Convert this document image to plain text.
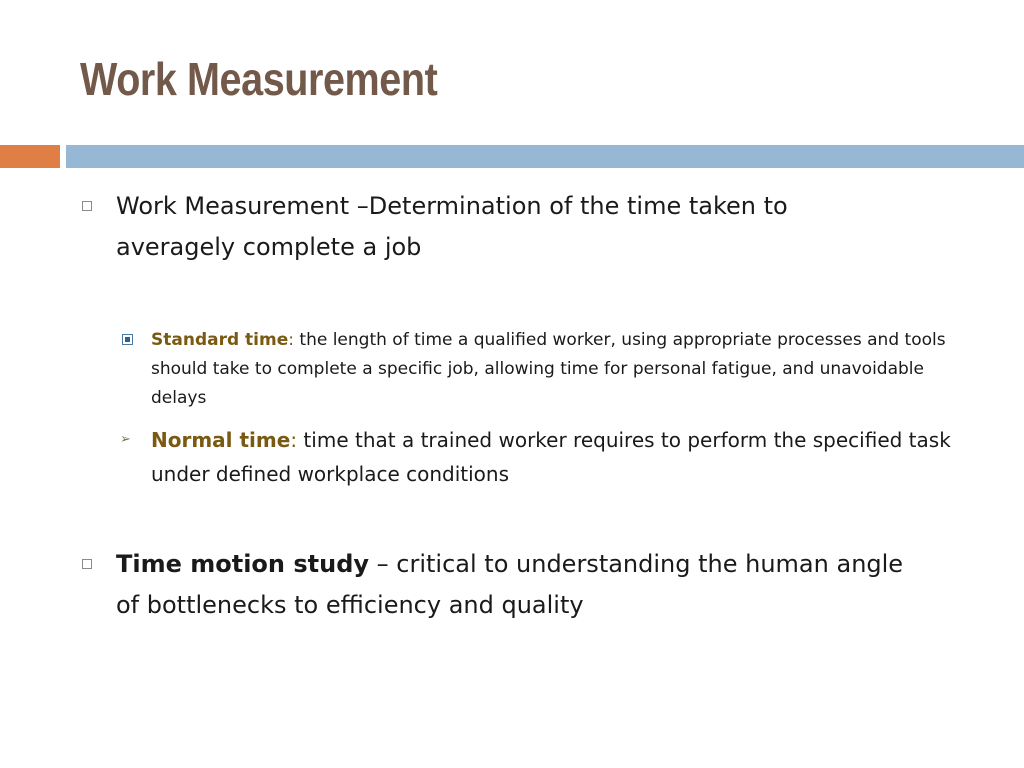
Work Measurement
Work Measurement –Determination of the time taken to averagely complete a job
Standard time: the length of time a qualified worker, using appropriate processes and tools should take to complete a specific job, allowing time for personal fatigue, and unavoidable delays
➢ Normal time: time that a trained worker requires to perform the specified task under defined workplace conditions
Time motion study – critical to understanding the human angle of bottlenecks to efficiency and quality
